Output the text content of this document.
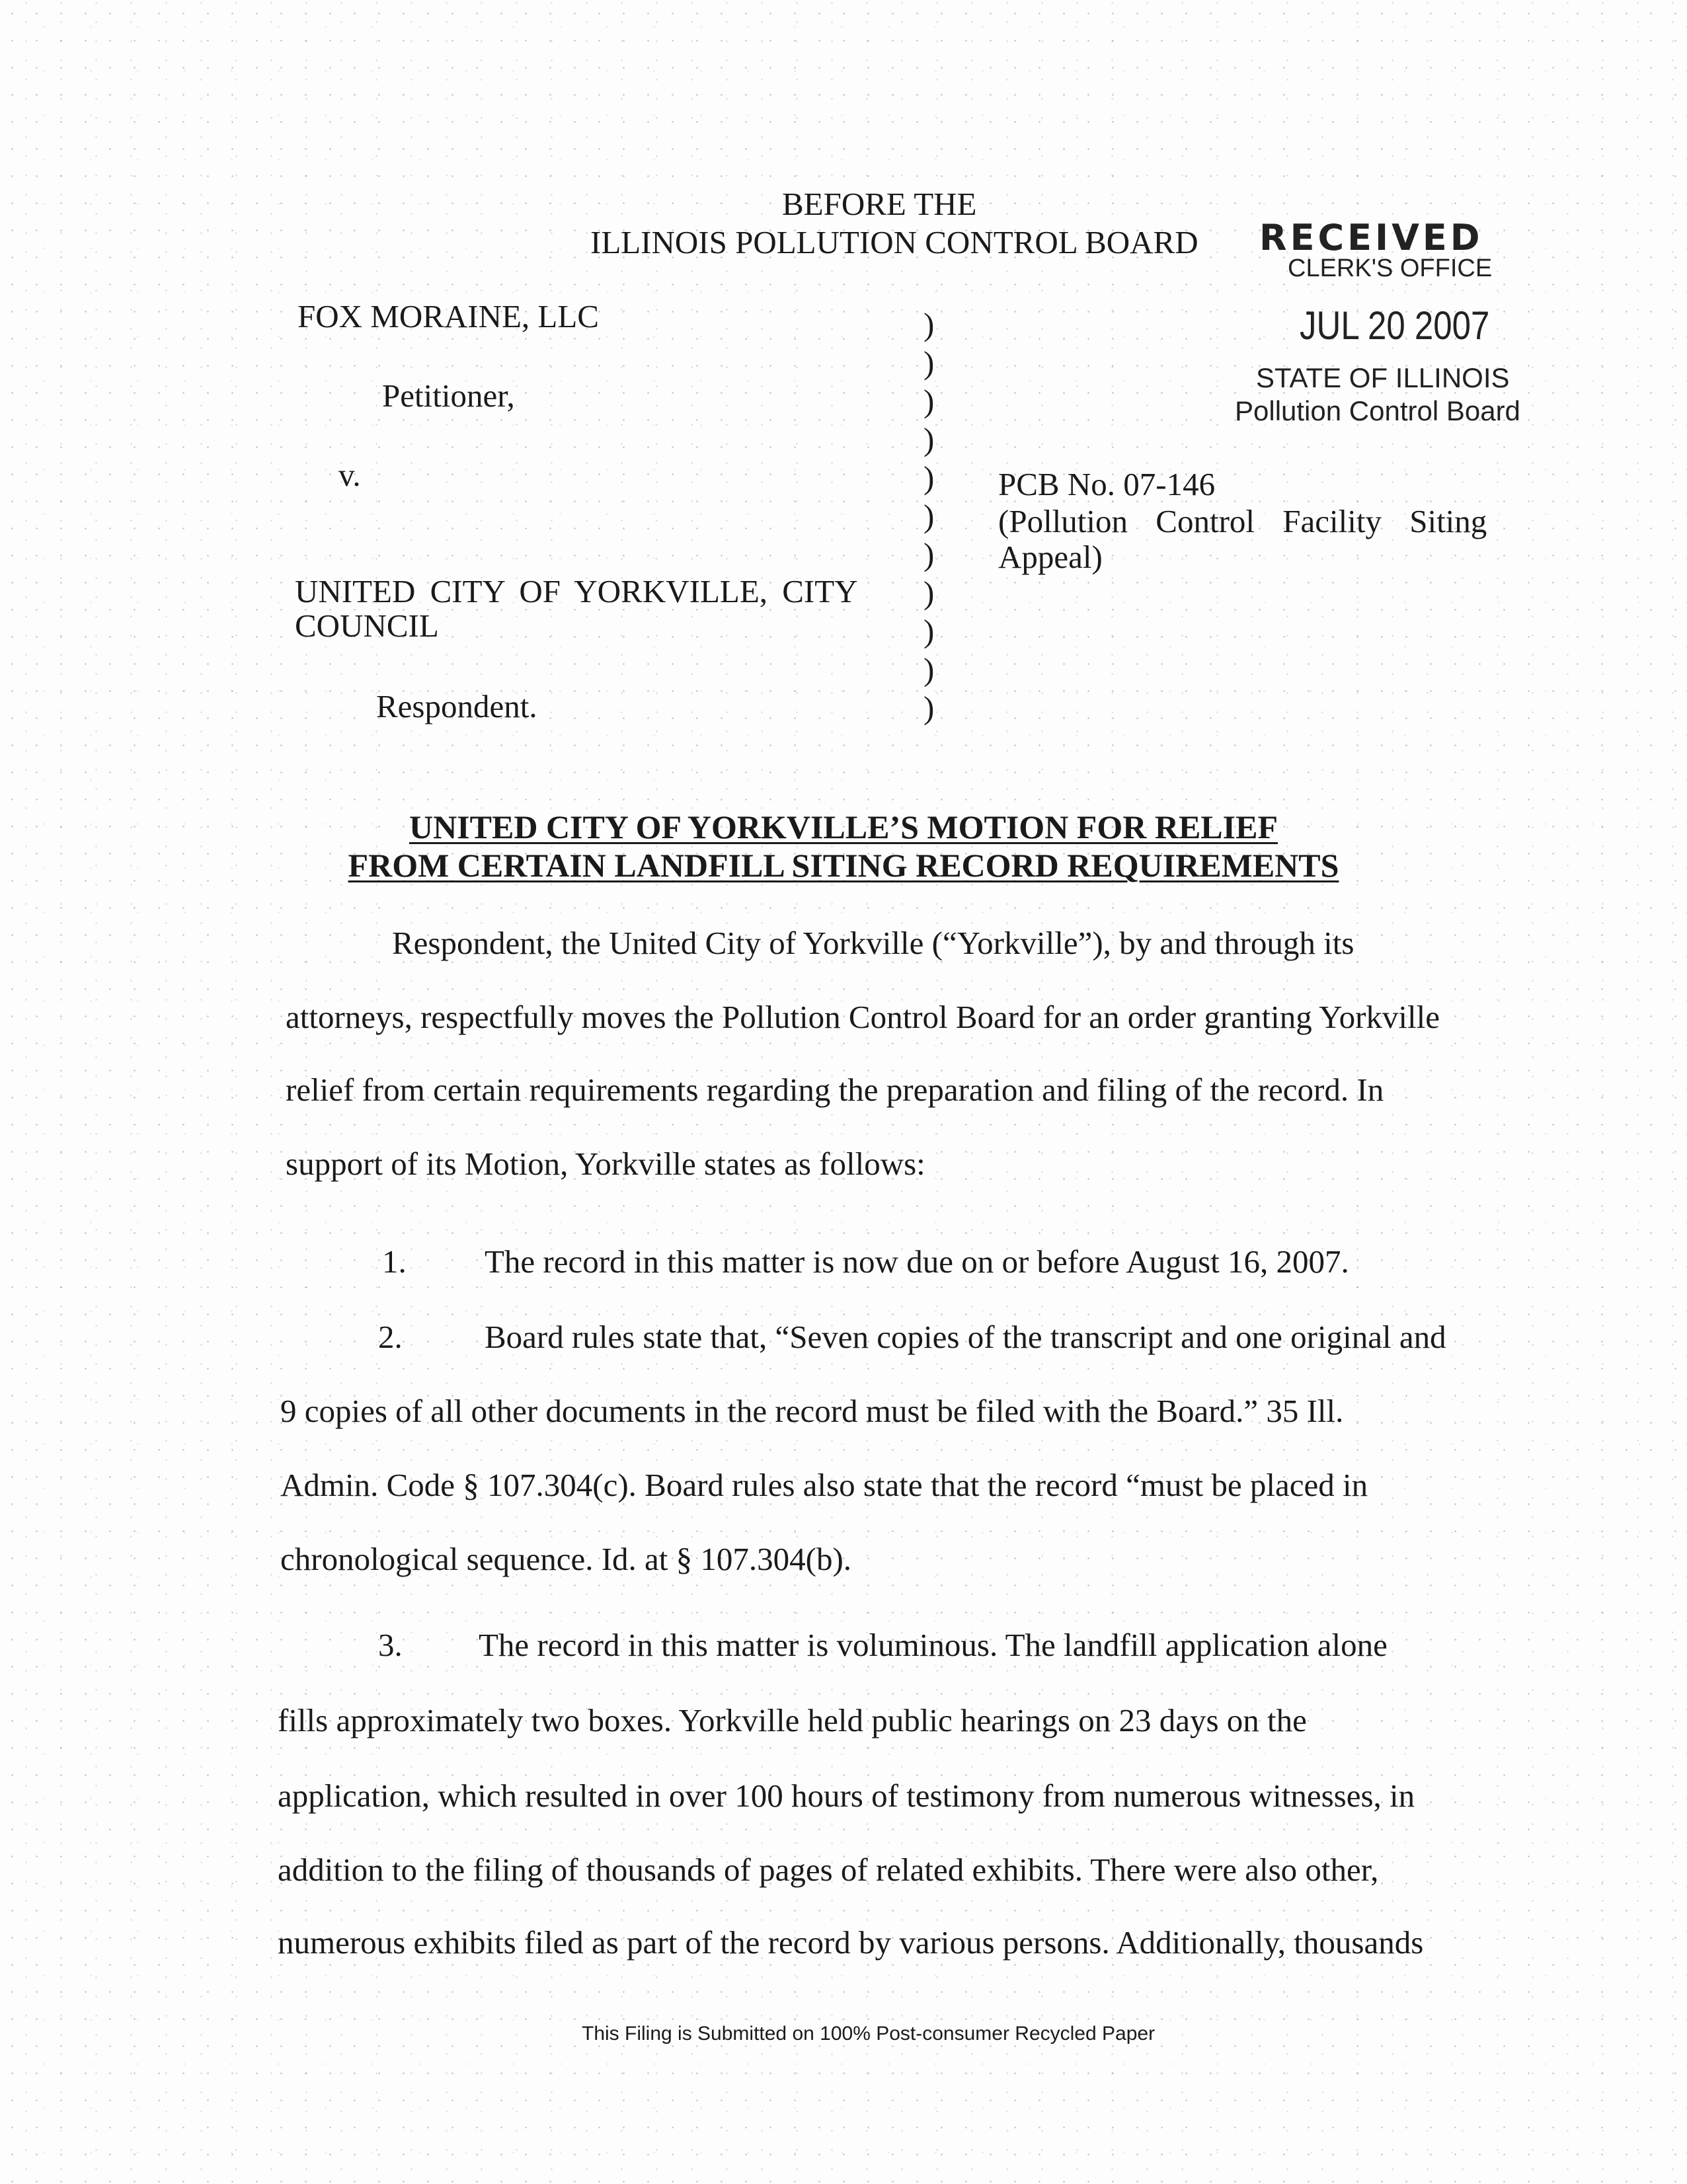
BEFORE THE
ILLINOIS POLLUTION CONTROL BOARD RECEIVED
CLERK'S OFFICE
JUL 20 2007
STATE OF ILLINOIS
Pollution Control Board
FOX MORAINE, LLC
Petitioner,
v.
UNITED CITY OF YORKVILLE, CITY
COUNCIL
Respondent.
)
)
)
)
)
)
)
)
)
)
)
PCB No. 07-146
(Pollution Control Facility Siting
Appeal)
UNITED CITY OF YORKVILLE’S MOTION FOR RELIEF
FROM CERTAIN LANDFILL SITING RECORD REQUIREMENTS
Respondent, the United City of Yorkville (“Yorkville”), by and through its
attorneys, respectfully moves the Pollution Control Board for an order granting Yorkville
relief from certain requirements regarding the preparation and filing of the record. In
support of its Motion, Yorkville states as follows:
1. The record in this matter is now due on or before August 16, 2007.
2.	Board rules state that, “Seven copies of the transcript and one original and
9 copies of all other documents in the record must be filed with the Board.” 35 Ill.
Admin. Code § 107.304(c). Board rules also state that the record “must be placed in
chronological sequence. Id. at § 107.304(b).
3. The record in this matter is voluminous. The landfill application alone
fills approximately two boxes. Yorkville held public hearings on 23 days on the
application, which resulted in over 100 hours of testimony from numerous witnesses, in
addition to the filing of thousands of pages of related exhibits. There were also other,
numerous exhibits filed as part of the record by various persons. Additionally, thousands
This Filing is Submitted on 100% Post-consumer Recycled Paper
